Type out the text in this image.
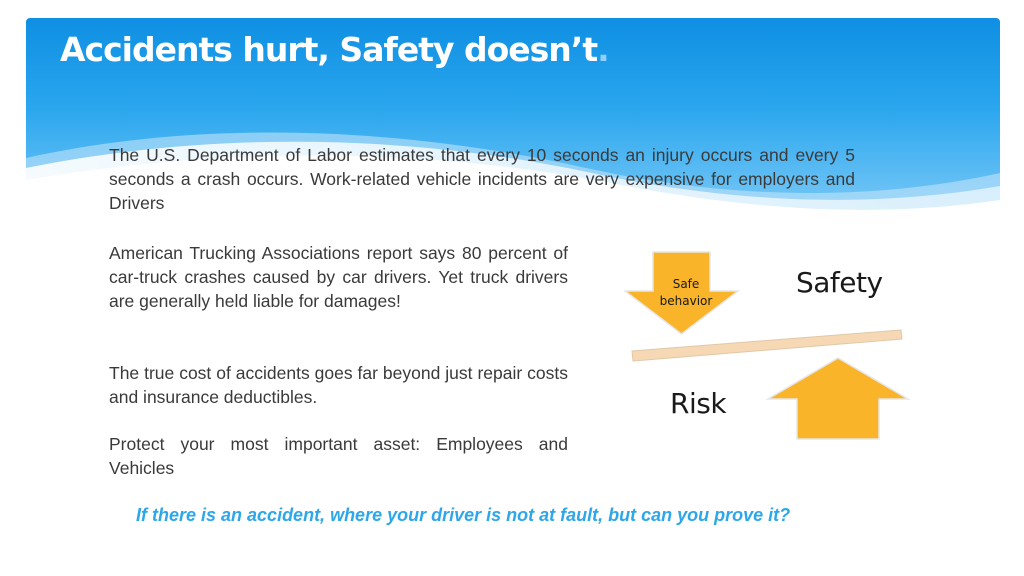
Accidents hurt, Safety doesn’t.

The U.S. Department of Labor estimates that every 10 seconds an injury occurs and every 5 seconds a crash occurs. Work-related vehicle incidents are very expensive for employers and Drivers

American Trucking Associations report says 80 percent of car-truck crashes caused by car drivers. Yet truck drivers are generally held liable for damages!

The true cost of accidents goes far beyond just repair costs and insurance deductibles.

Protect your most important asset: Employees and Vehicles

Safe
behavior
Safety
Risk

If there is an accident, where your driver is not at fault, but can you prove it?
